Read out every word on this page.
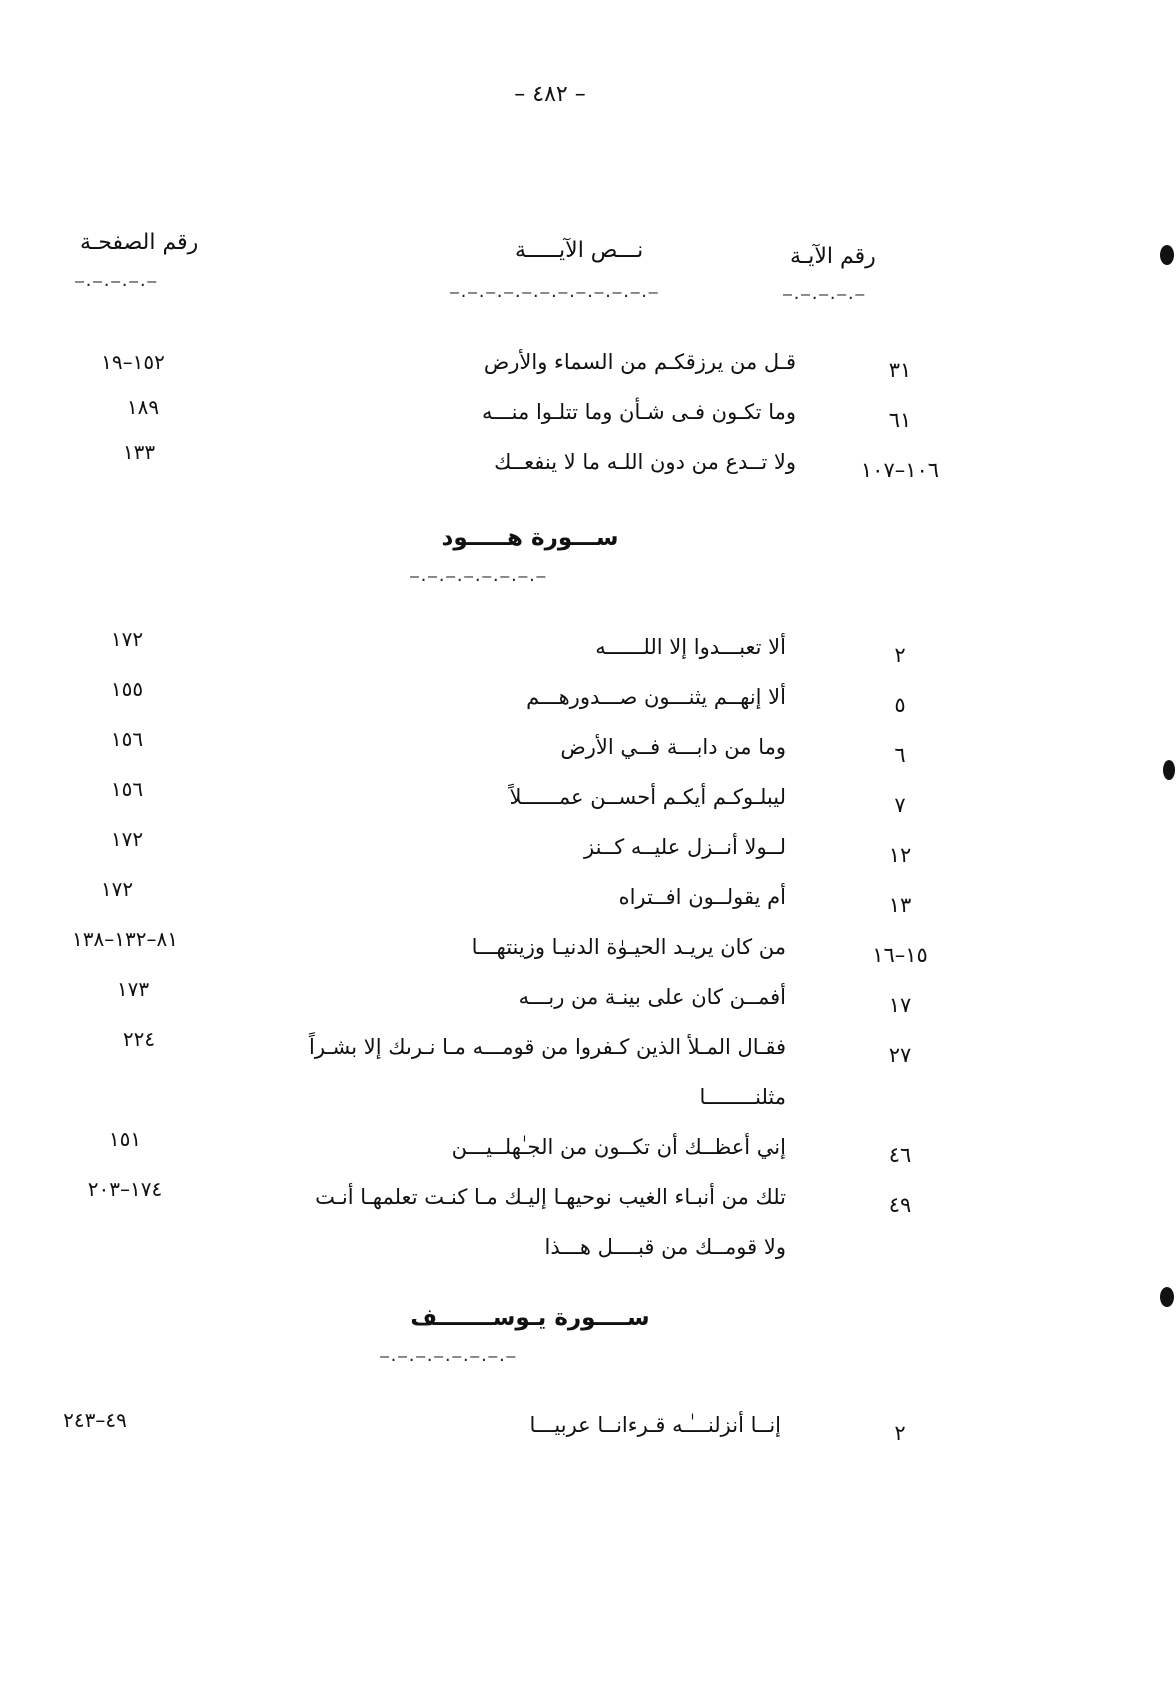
– ٤٨٢ –
رقم الآيـة
نـــص الآيـــــة
رقم الصفحـة
—.—.—.—.—
—.—.—.—.—.—.—.—.—.—.—.—
—.—.—.—.—
٣١
قـل من يرزقكـم من السماء والأرض
١٥٢–١٩
٦١
وما تكـون فـى شـأن وما تتلـوا منـــه
١٨٩
١٠٦–١٠٧
ولا تــدع من دون اللـه ما لا ينفعــك
١٣٣
ســـورة هـــــود
—.—.—.—.—.—.—.—
٢
ألا تعبـــدوا إلا اللــــــه
١٧٢
٥
ألا إنهــم يثنـــون صـــدورهـــم
١٥٥
٦
وما من دابـــة فــي الأرض
١٥٦
٧
ليبلـوكـم أيكـم أحســن عمــــــلاً
١٥٦
١٢
لــولا أنــزل عليــه كــنز
١٧٢
١٣
أم يقولــون افــتراه
١٧٢
١٥–١٦
من كان يريـد الحيـوٰة الدنيـا وزينتهـــا
٨١–١٣٢–١٣٨
١٧
أفمــن كان على بينـة من ربـــه
١٧٣
٢٧
فقـال المـلأ الذين كـفروا من قومـــه مـا نـرىك إلا بشـراً
٢٢٤
مثلنــــــــا
٤٦
إني أعظــك أن تكــون من الجـٰهلــيـــن
١٥١
٤٩
تلك من أنبـاء الغيب نوحيهـا إليـك مـا كنـت تعلمهـا أنـت
١٧٤–٢٠٣
ولا قومــك من قبــــل هـــذا
ســــورة يـوســـــــف
—.—.—.—.—.—.—.—
٢
إنــا أنزلنـــٰـه قـرءانــا عربيـــا
٤٩–٢٤٣
